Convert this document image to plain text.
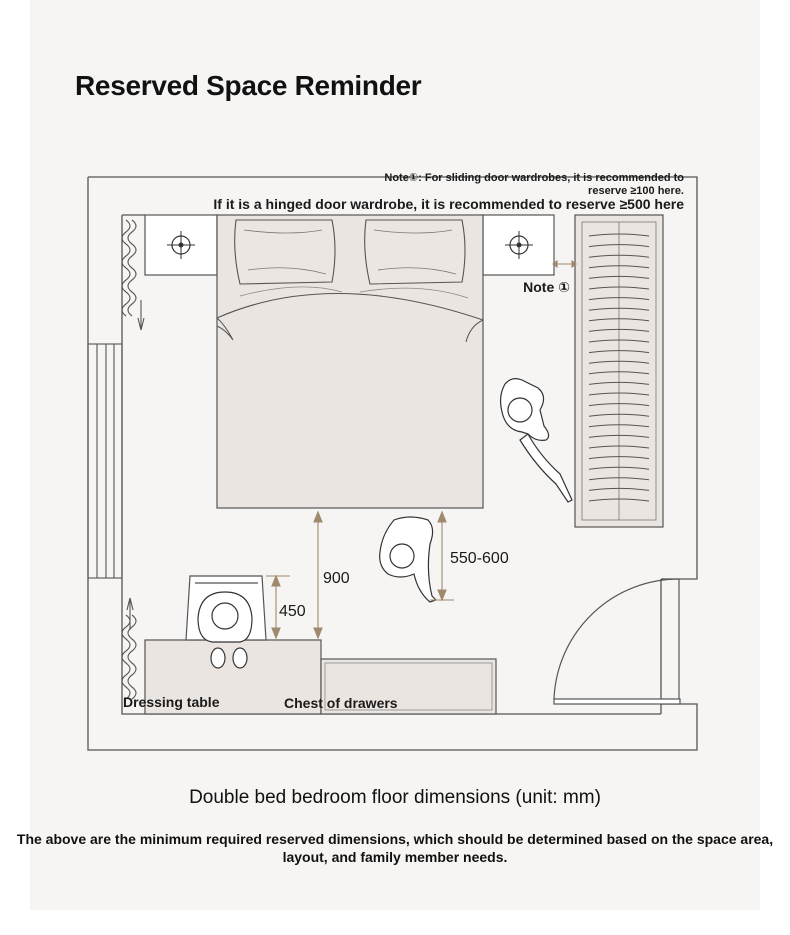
Reserved Space Reminder
Note①: For sliding door wardrobes, it is recommended to
reserve ≥100 here.
If it is a hinged door wardrobe, it is recommended to reserve ≥500 here
Note ①
900
550-600
450
Dressing table	Chest of drawers
Double bed bedroom floor dimensions (unit: mm)
The above are the minimum required reserved dimensions, which should be determined based on the space area, layout, and family member needs.
